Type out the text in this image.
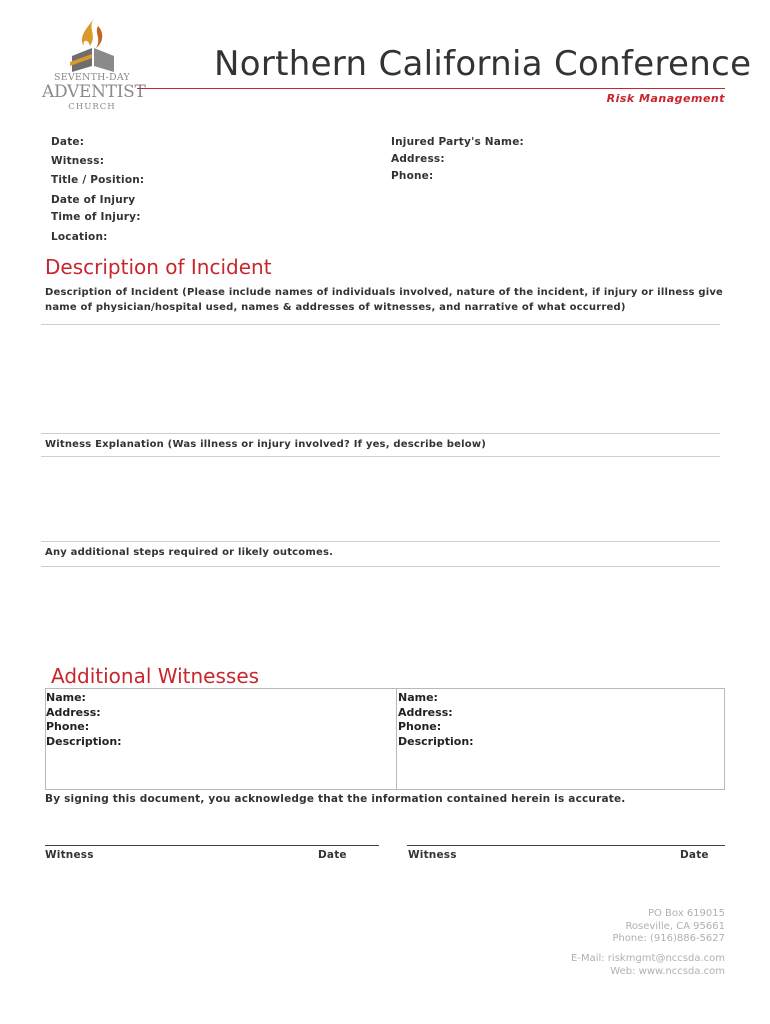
SEVENTH-DAY
ADVENTIST
CHURCH
Northern California Conference
Risk Management
Date:
Witness:
Title / Position:
Date of Injury
Time of Injury:
Location:
Injured Party's Name:
Address:
Phone:
Description of Incident
Description of Incident (Please include names of individuals involved, nature of the incident, if injury or illness give name of physician/hospital used, names & addresses of witnesses, and narrative of what occurred)
Witness Explanation (Was illness or injury involved? If yes, describe below)
Any additional steps required or likely outcomes.
Additional Witnesses
Name:
Address:
Phone:
Description:
Name:
Address:
Phone:
Description:
By signing this document, you acknowledge that the information contained herein is accurate.
Witness	Date	Witness	Date
PO Box 619015
Roseville, CA 95661
Phone: (916)886-5627
E-Mail: riskmgmt@nccsda.com
Web: www.nccsda.com
